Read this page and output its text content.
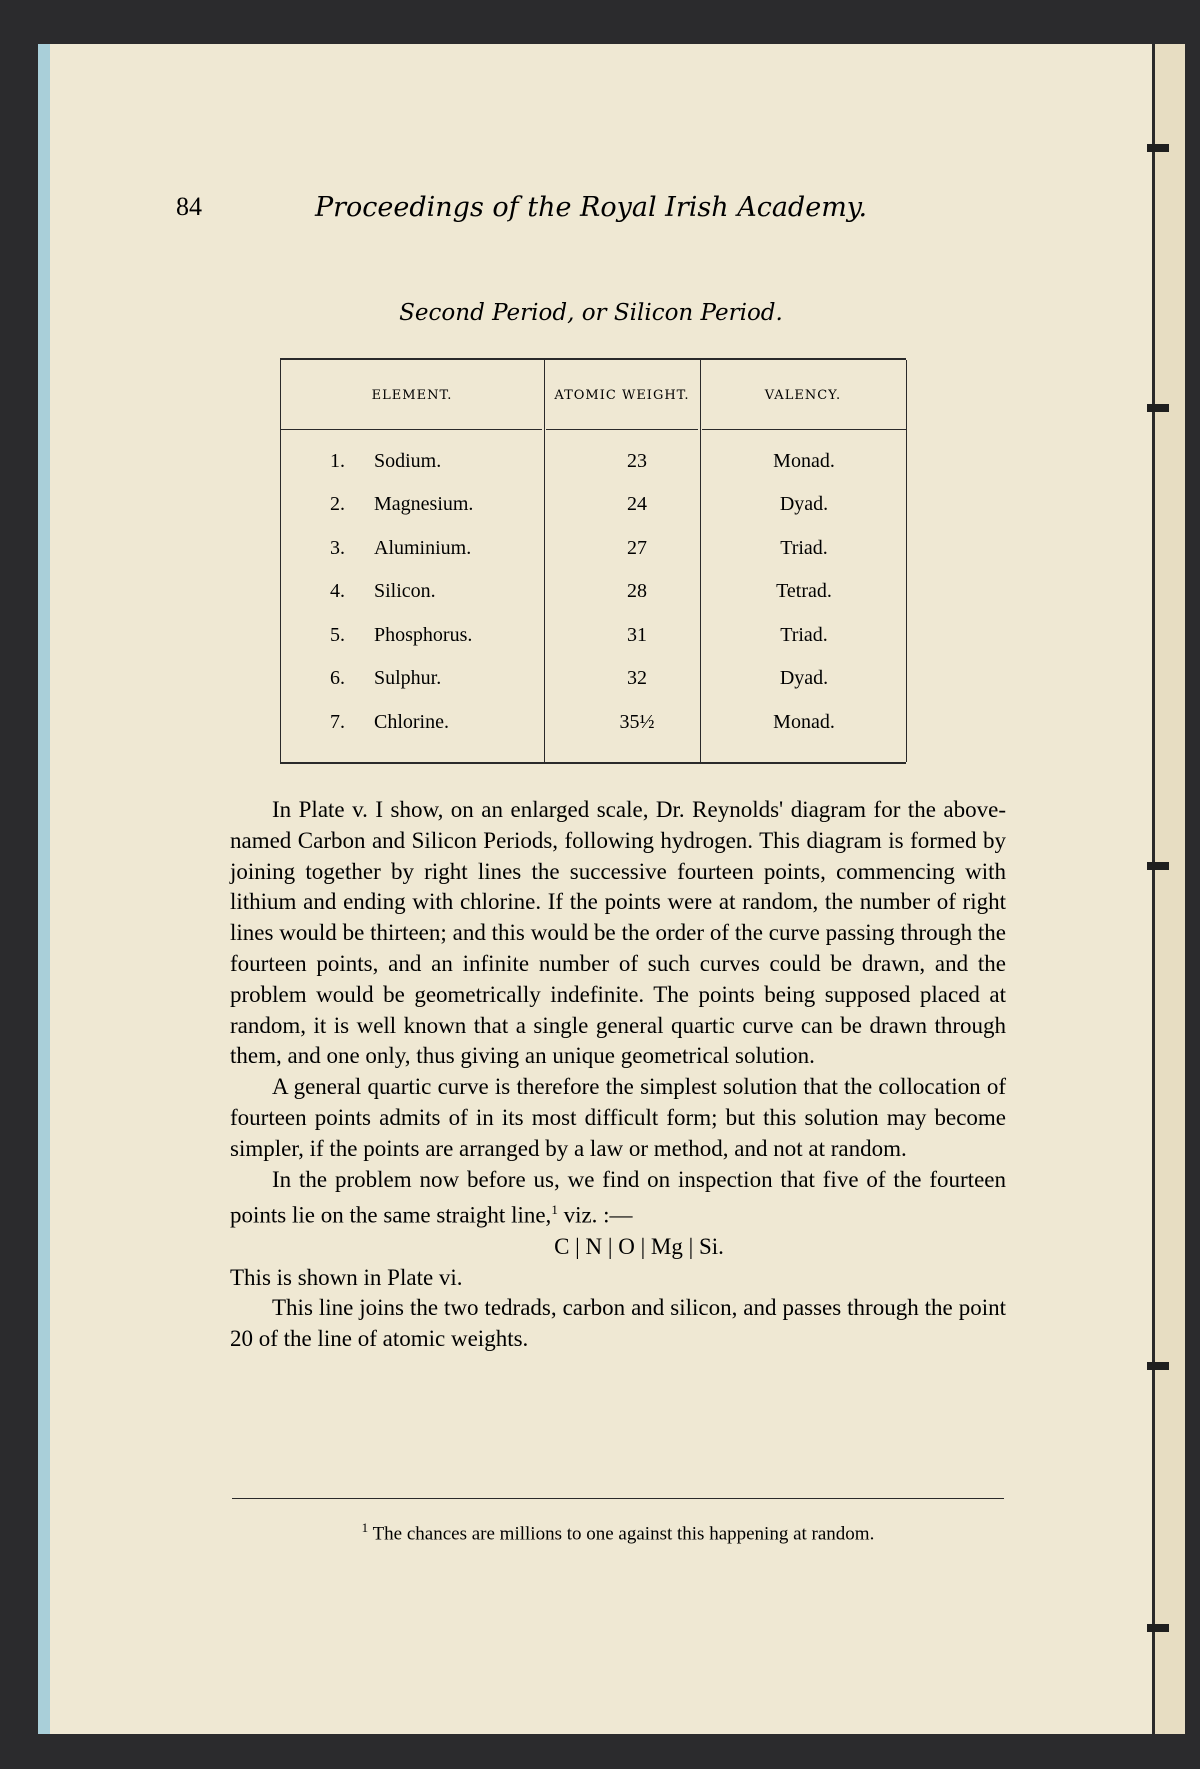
84	Proceedings of the Royal Irish Academy.
Second Period, or Silicon Period.
ELEMENT.	ATOMIC WEIGHT.	VALENCY.
1. Sodium.	23	Monad.
2. Magnesium.	24	Dyad.
3. Aluminium.	27	Triad.
4. Silicon.	28	Tetrad.
5. Phosphorus.	31	Triad.
6. Sulphur.	32	Dyad.
7. Chlorine.	35½	Monad.

In Plate v. I show, on an enlarged scale, Dr. Reynolds' diagram for the above-named Carbon and Silicon Periods, following hydrogen. This diagram is formed by joining together by right lines the successive fourteen points, commencing with lithium and ending with chlorine. If the points were at random, the number of right lines would be thirteen; and this would be the order of the curve passing through the fourteen points, and an infinite number of such curves could be drawn, and the problem would be geometrically indefinite. The points being supposed placed at random, it is well known that a single general quartic curve can be drawn through them, and one only, thus giving an unique geometrical solution.

A general quartic curve is therefore the simplest solution that the collocation of fourteen points admits of in its most difficult form; but this solution may become simpler, if the points are arranged by a law or method, and not at random.

In the problem now before us, we find on inspection that five of the fourteen points lie on the same straight line,$^1$ viz. :—

C | N | O | Mg | Si.

This is shown in Plate vi.

This line joins the two tedrads, carbon and silicon, and passes through the point 20 of the line of atomic weights.

$^1$ The chances are millions to one against this happening at random.
